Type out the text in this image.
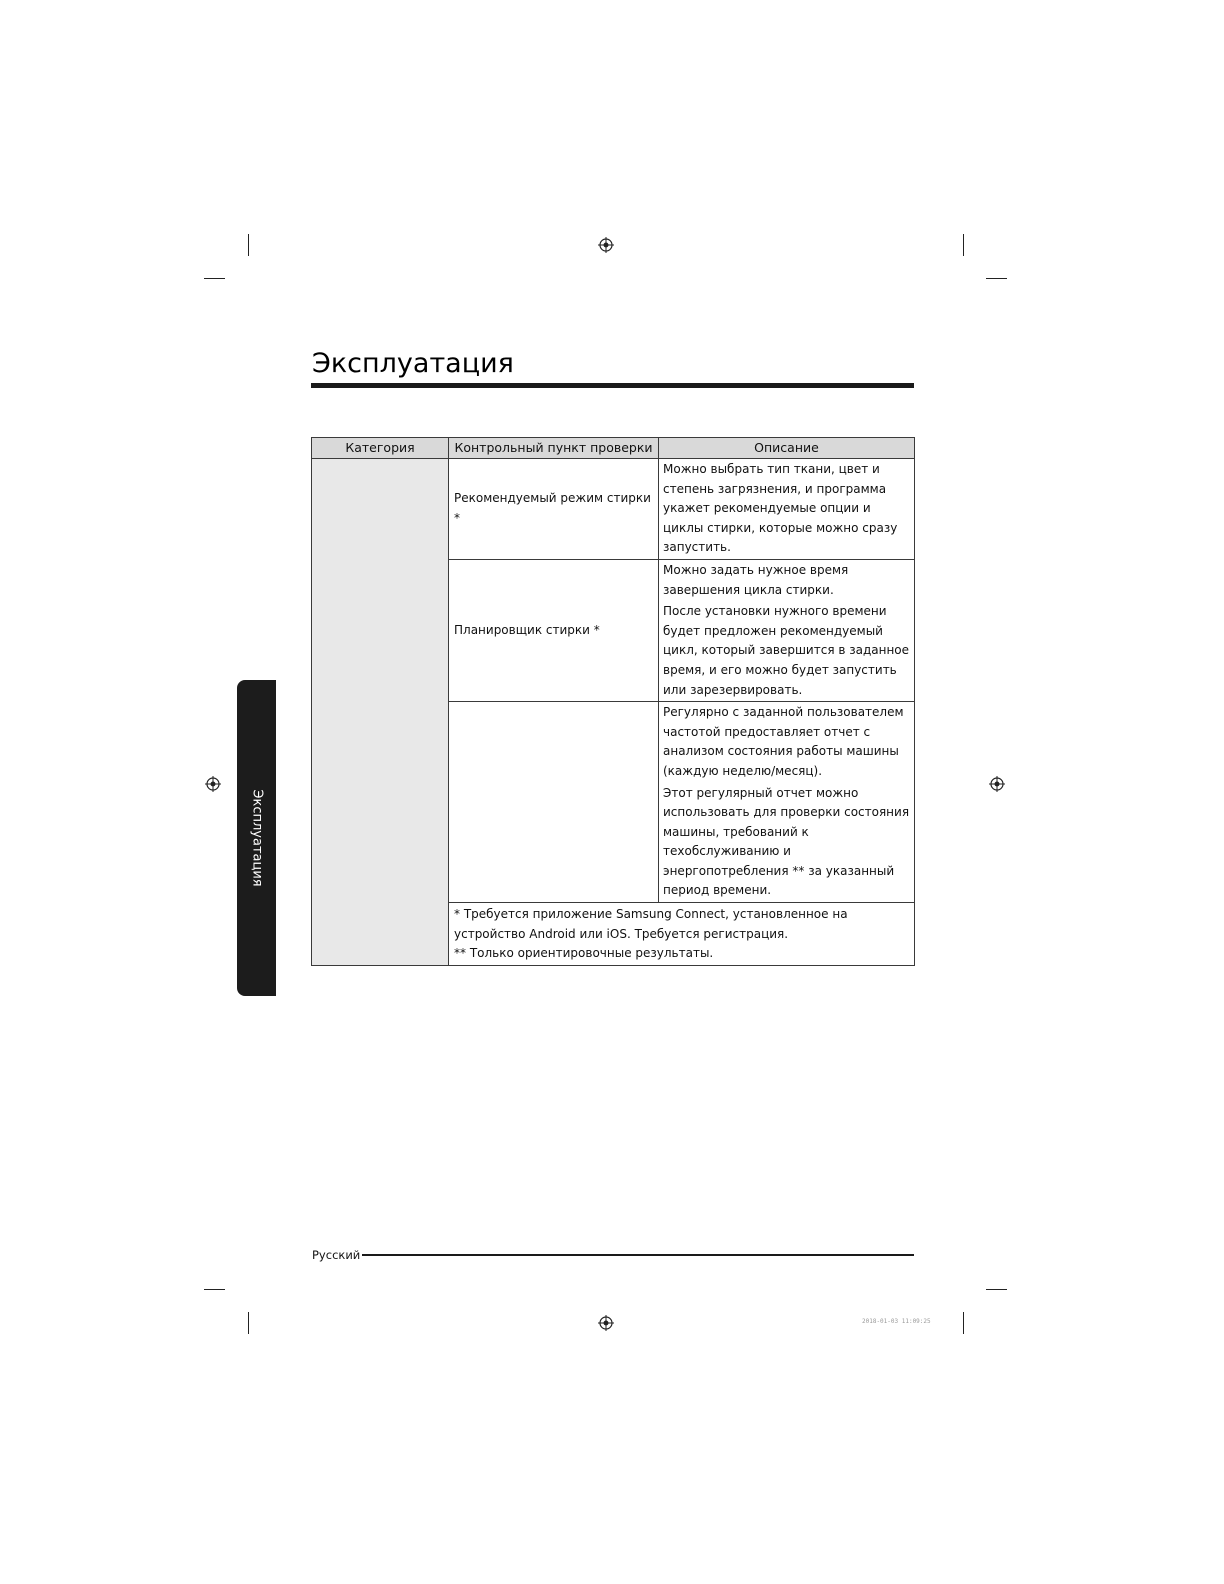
Эксплуатация
Эксплуатация
Категория	Контрольный пункт проверки	Описание
	Рекомендуемый режим стирки *	Можно выбрать тип ткани, цвет и степень загрязнения, и программа укажет рекомендуемые опции и циклы стирки, которые можно сразу запустить.

	Планировщик стирки *	Можно задать нужное время завершения цикла стирки.

После установки нужного времени будет предложен рекомендуемый цикл, который завершится в заданное время, и его можно будет запустить или зарезервировать.

		Регулярно с заданной пользователем частотой предоставляет отчет с анализом состояния работы машины (каждую неделю/месяц).

Этот регулярный отчет можно использовать для проверки состояния машины, требований к техобслуживанию и энергопотребления ** за указанный период времени.

	* Требуется приложение Samsung Connect, установленное на устройство Android или iOS. Требуется регистрация.

** Только ориентировочные результаты.	

Русский
2018-01-03 11:09:25
